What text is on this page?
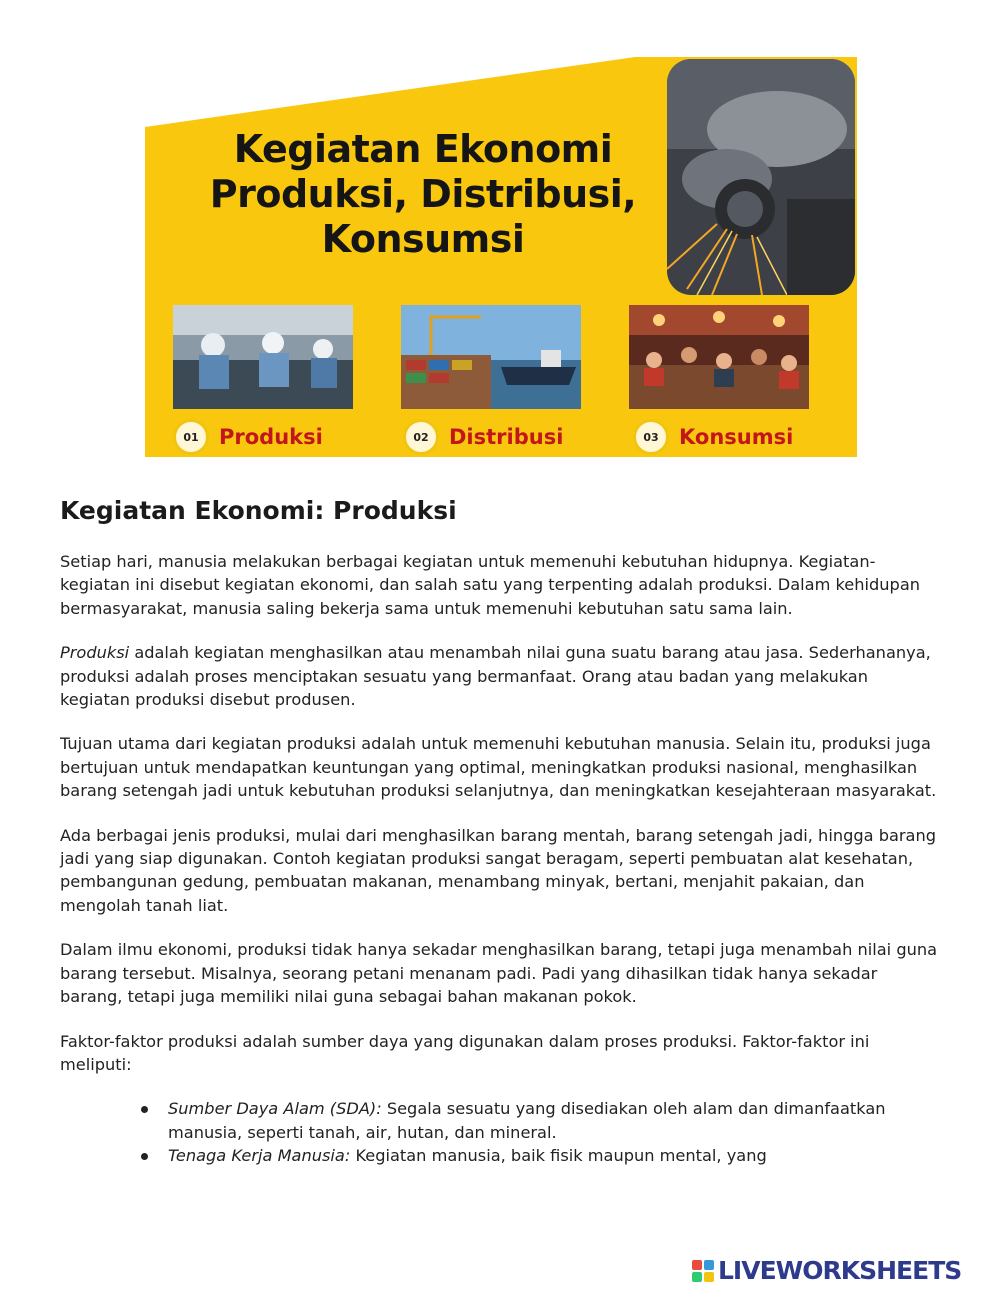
Kegiatan Ekonomi
Produksi, Distribusi,
Konsumsi
01 Produksi	02 Distribusi	03 Konsumsi
Kegiatan Ekonomi: Produksi

Setiap hari, manusia melakukan berbagai kegiatan untuk memenuhi kebutuhan hidupnya. Kegiatan-kegiatan ini disebut kegiatan ekonomi, dan salah satu yang terpenting adalah produksi. Dalam kehidupan bermasyarakat, manusia saling bekerja sama untuk memenuhi kebutuhan satu sama lain.

Produksi adalah kegiatan menghasilkan atau menambah nilai guna suatu barang atau jasa. Sederhananya, produksi adalah proses menciptakan sesuatu yang bermanfaat. Orang atau badan yang melakukan kegiatan produksi disebut produsen.

Tujuan utama dari kegiatan produksi adalah untuk memenuhi kebutuhan manusia. Selain itu, produksi juga bertujuan untuk mendapatkan keuntungan yang optimal, meningkatkan produksi nasional, menghasilkan barang setengah jadi untuk kebutuhan produksi selanjutnya, dan meningkatkan kesejahteraan masyarakat.

Ada berbagai jenis produksi, mulai dari menghasilkan barang mentah, barang setengah jadi, hingga barang jadi yang siap digunakan. Contoh kegiatan produksi sangat beragam, seperti pembuatan alat kesehatan, pembangunan gedung, pembuatan makanan, menambang minyak, bertani, menjahit pakaian, dan mengolah tanah liat.

Dalam ilmu ekonomi, produksi tidak hanya sekadar menghasilkan barang, tetapi juga menambah nilai guna barang tersebut. Misalnya, seorang petani menanam padi. Padi yang dihasilkan tidak hanya sekadar barang, tetapi juga memiliki nilai guna sebagai bahan makanan pokok.

Faktor-faktor produksi adalah sumber daya yang digunakan dalam proses produksi. Faktor-faktor ini meliputi:

Sumber Daya Alam (SDA): Segala sesuatu yang disediakan oleh alam dan dimanfaatkan manusia, seperti tanah, air, hutan, dan mineral.
Tenaga Kerja Manusia: Kegiatan manusia, baik fisik maupun mental, yang
LIVEWORKSHEETS
